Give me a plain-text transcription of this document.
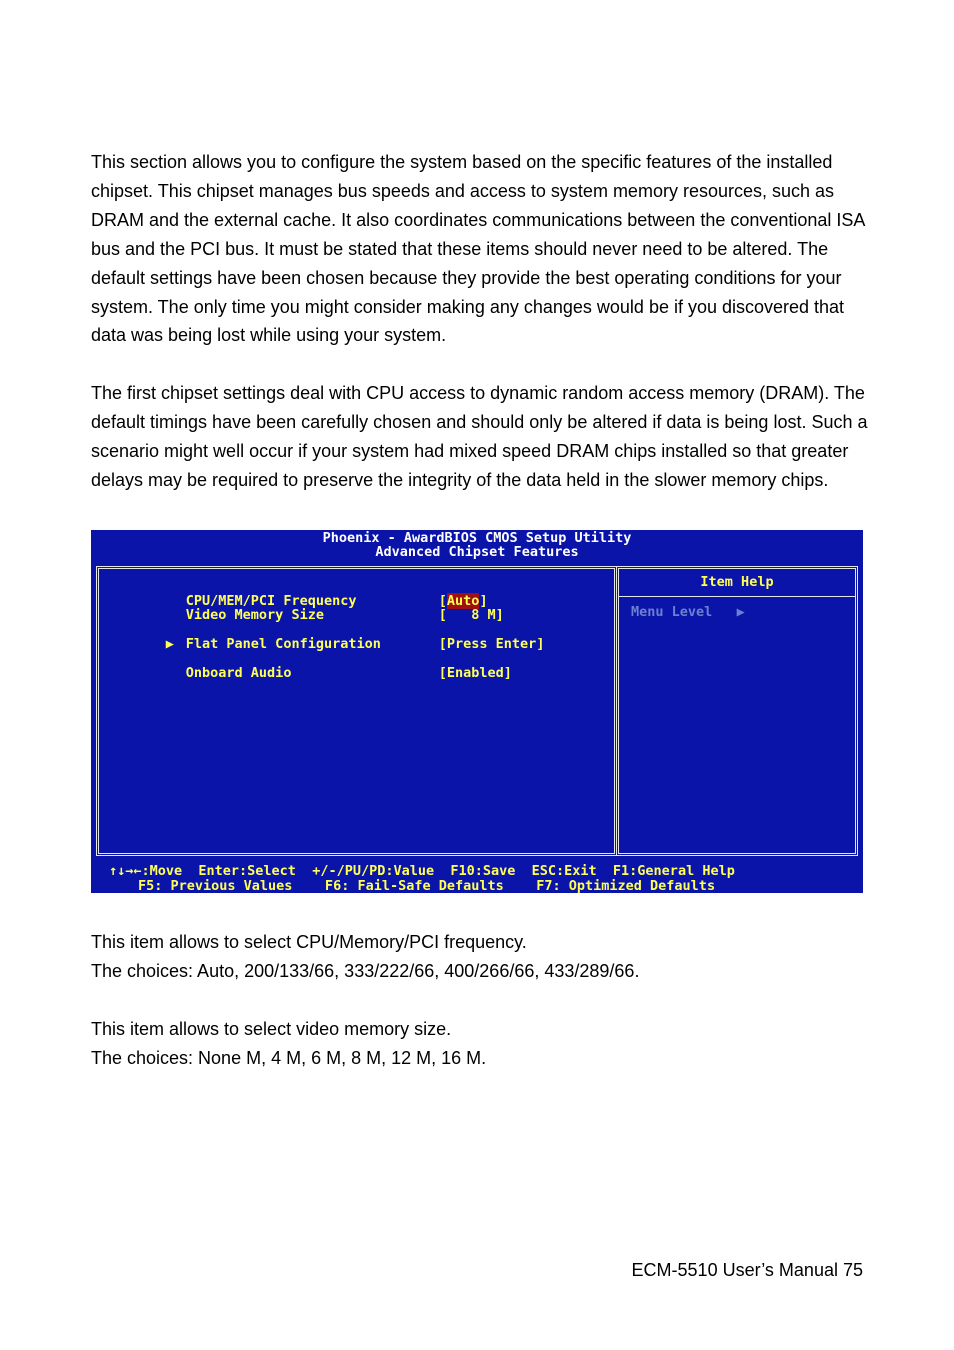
This section allows you to configure the system based on the specific features of the installed chipset. This chipset manages bus speeds and access to system memory resources, such as DRAM and the external cache. It also coordinates communications between the conventional ISA bus and the PCI bus. It must be stated that these items should never need to be altered. The default settings have been chosen because they provide the best operating conditions for your system. The only time you might consider making any changes would be if you discovered that data was being lost while using your system.

The first chipset settings deal with CPU access to dynamic random access memory (DRAM). The default timings have been carefully chosen and should only be altered if data is being lost. Such a scenario might well occur if your system had mixed speed DRAM chips installed so that greater delays may be required to preserve the integrity of the data held in the slower memory chips.

Phoenix - AwardBIOS CMOS Setup Utility
Advanced Chipset Features

CPU/MEM/PCI Frequency
	[Auto]

Video Memory Size
	[   8 M]

▶
Flat Panel Configuration
	[Press Enter]

Onboard Audio
	[Enabled]

Item Help
Menu Level   ▶
↑↓→←:Move  Enter:Select  +/-/PU/PD:Value  F10:Save  ESC:Exit  F1:General Help
F5: Previous Values    F6: Fail-Safe Defaults    F7: Optimized Defaults
This item allows to select CPU/Memory/PCI frequency.
The choices: Auto, 200/133/66, 333/222/66, 400/266/66, 433/289/66.
This item allows to select video memory size.
The choices: None M, 4 M, 6 M, 8 M, 12 M, 16 M.
ECM-5510 User’s Manual 75
